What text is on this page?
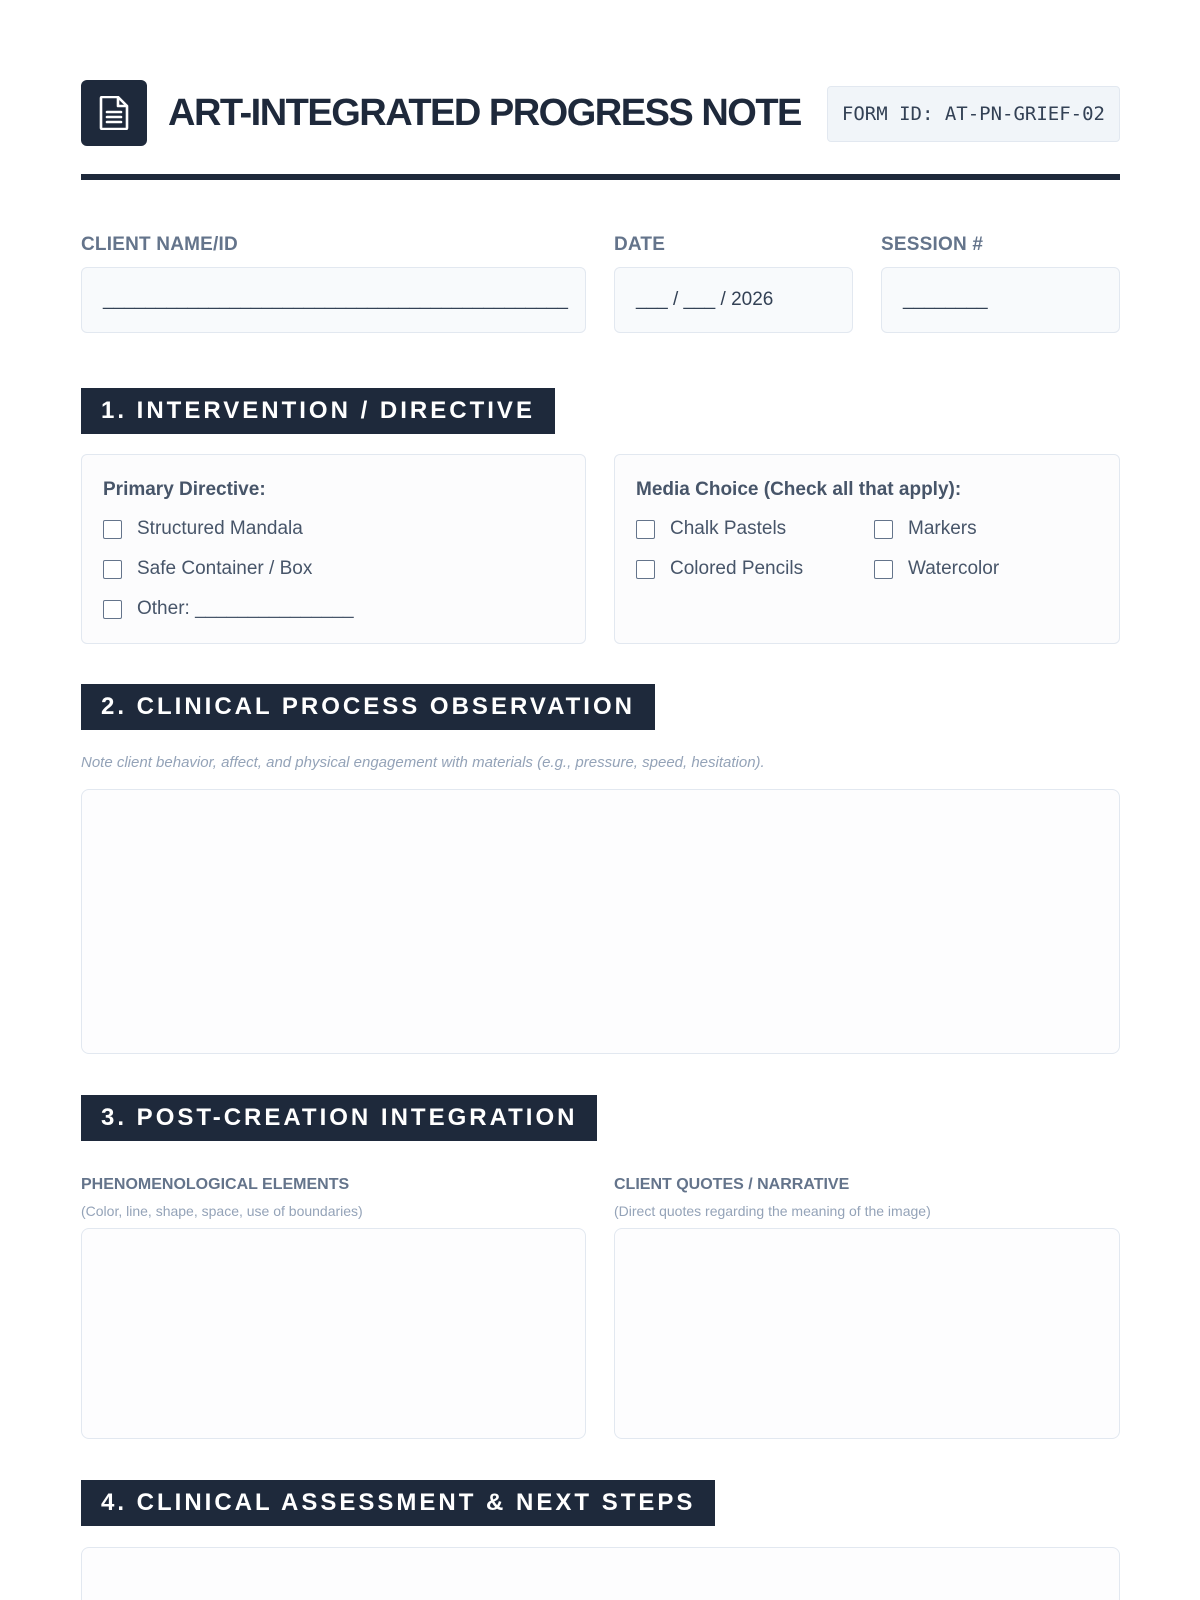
ART-INTEGRATED PROGRESS NOTE	FORM ID: AT-PN-GRIEF-02
CLIENT NAME/ID
____________________________________________
DATE
___ / ___ / 2026
SESSION #
________
1. INTERVENTION / DIRECTIVE
Primary Directive:
Structured Mandala
Safe Container / Box
Other: _______________
Media Choice (Check all that apply):
Chalk Pastels	Markers
Colored Pencils	Watercolor
2. CLINICAL PROCESS OBSERVATION
Note client behavior, affect, and physical engagement with materials (e.g., pressure, speed, hesitation).
3. POST-CREATION INTEGRATION
PHENOMENOLOGICAL ELEMENTS
(Color, line, shape, space, use of boundaries)
CLIENT QUOTES / NARRATIVE
(Direct quotes regarding the meaning of the image)
4. CLINICAL ASSESSMENT & NEXT STEPS
